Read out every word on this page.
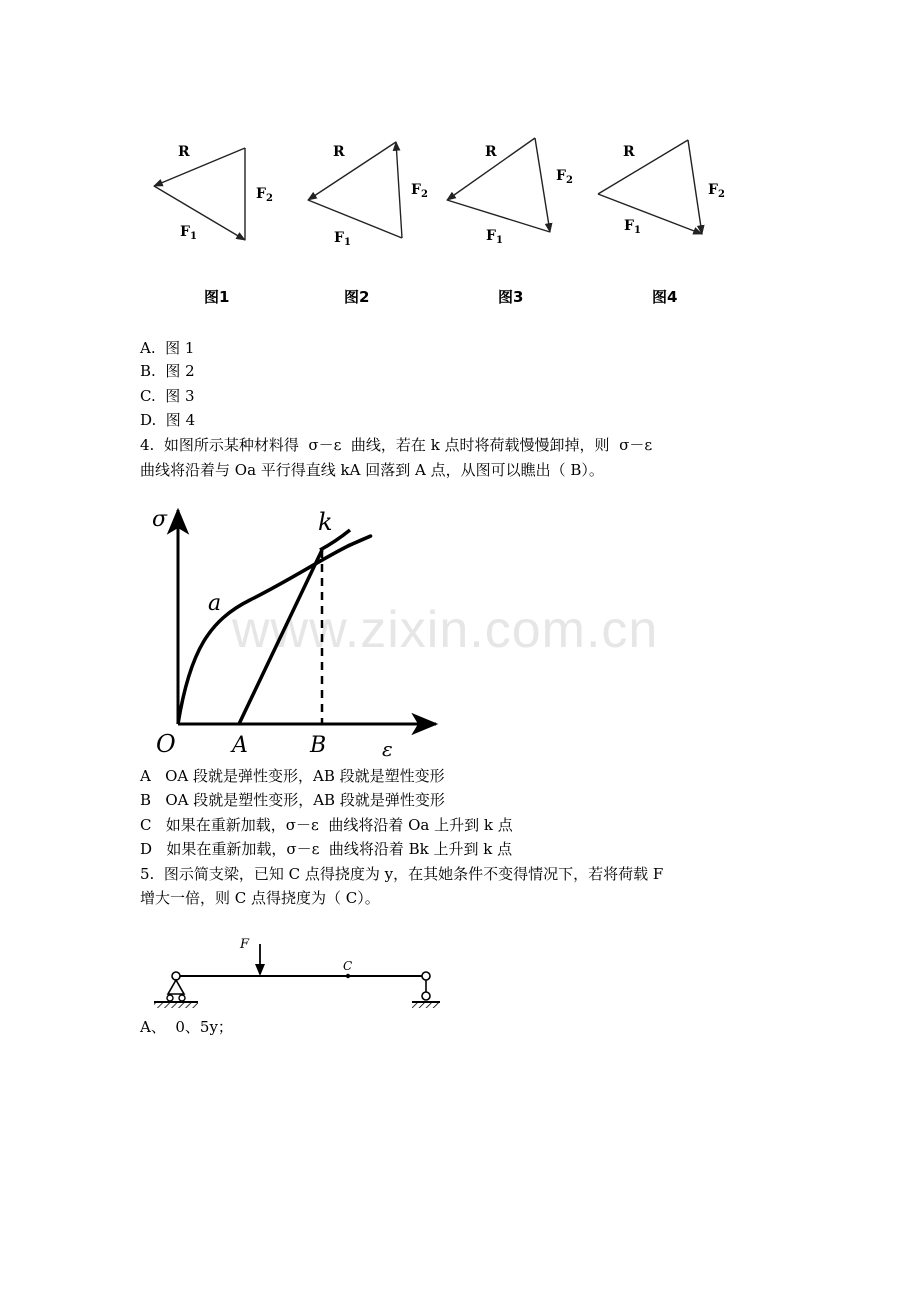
R
$F_2$
$F_1$
R
$F_2$
$F_1$
R
$F_2$
$F_1$
R
$F_2$
$F_1$
图1	图2	图3	图4
A.  图 1
B.  图 2
C.  图 3
D.  图 4
4.  如图所示某种材料得  σ－ε  曲线，若在 k 点时将荷载慢慢卸掉，则  σ－ε
曲线将沿着与 Oa 平行得直线 kA 回落到 A 点，从图可以瞧出（ B）。
www.zixin.com.cn
σ	k
a
O	A	B	ε
A   OA 段就是弹性变形，AB 段就是塑性变形
B   OA 段就是塑性变形，AB 段就是弹性变形
C   如果在重新加载，σ－ε  曲线将沿着 Oa 上升到 k 点
D   如果在重新加载，σ－ε  曲线将沿着 Bk 上升到 k 点
5.  图示简支梁，已知 C 点得挠度为 y，在其她条件不变得情况下，若将荷载 F
增大一倍，则 C 点得挠度为（ C）。
F
C
A、  0、5y；
